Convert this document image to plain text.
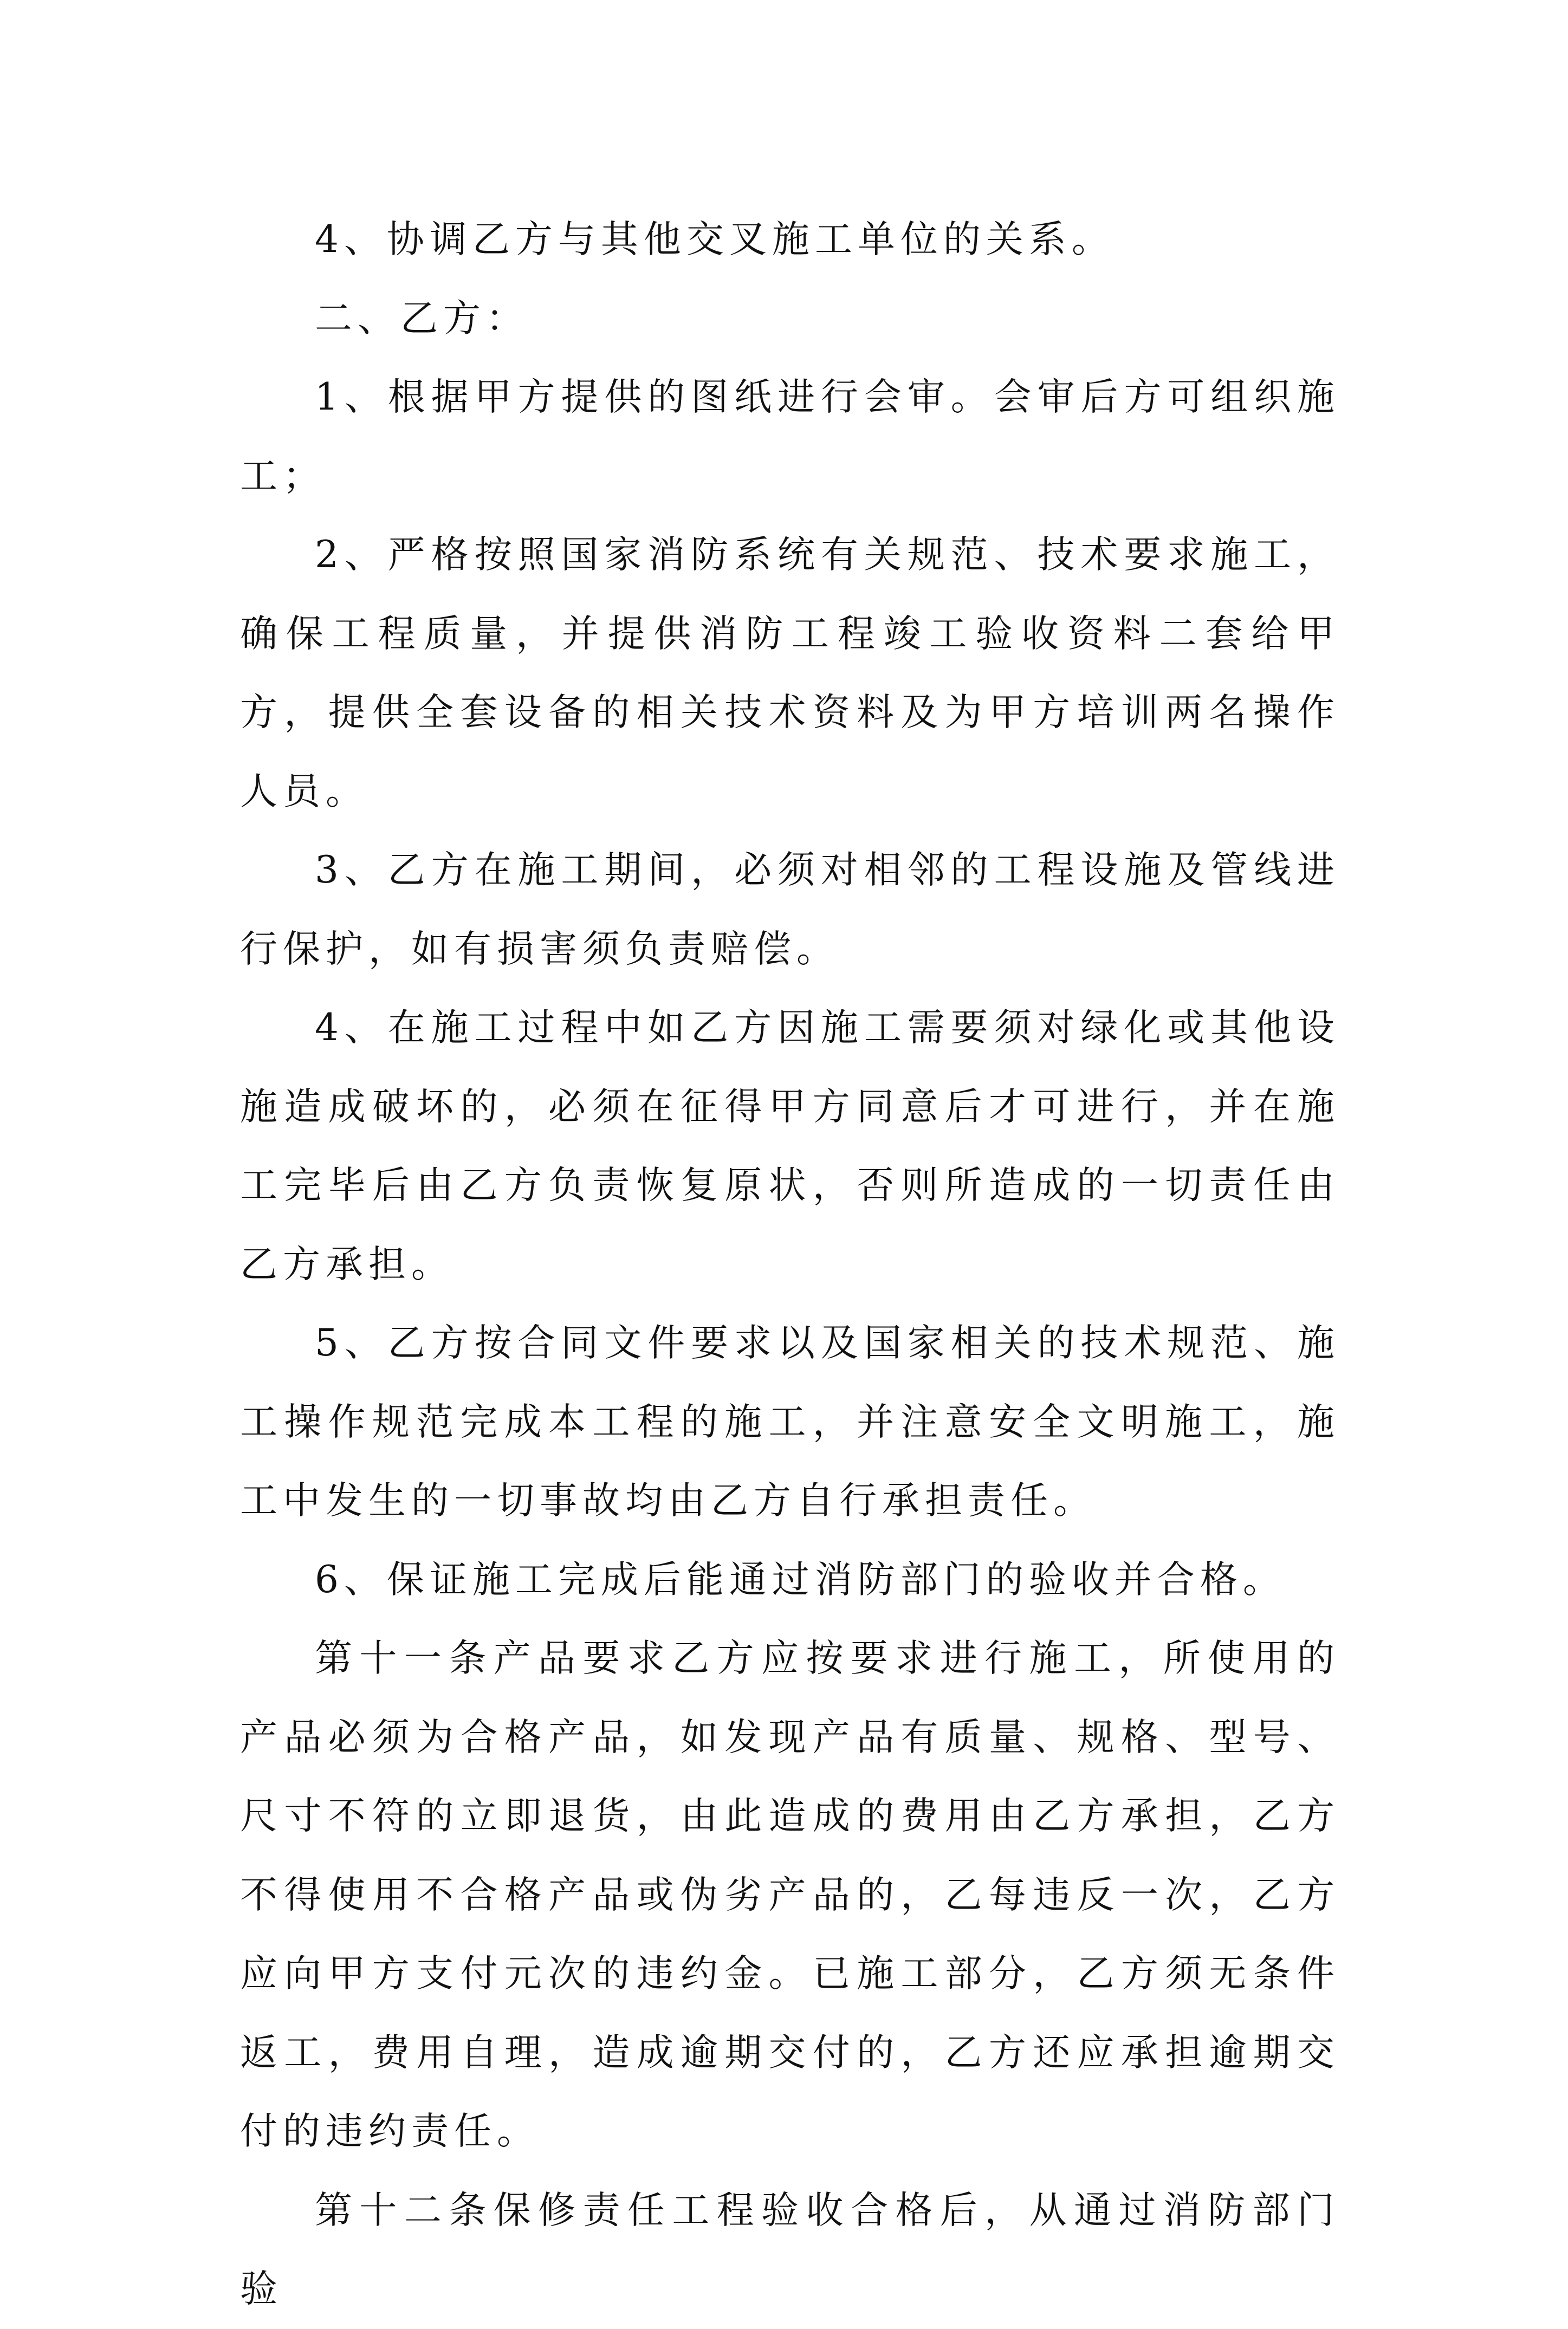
4、协调乙方与其他交叉施工单位的关系。

二、乙方：

1、根据甲方提供的图纸进行会审。会审后方可组织施工；

2、严格按照国家消防系统有关规范、技术要求施工，确保工程质量，并提供消防工程竣工验收资料二套给甲方，提供全套设备的相关技术资料及为甲方培训两名操作人员。

3、乙方在施工期间，必须对相邻的工程设施及管线进行保护，如有损害须负责赔偿。

4、在施工过程中如乙方因施工需要须对绿化或其他设施造成破坏的，必须在征得甲方同意后才可进行，并在施工完毕后由乙方负责恢复原状，否则所造成的一切责任由乙方承担。

5、乙方按合同文件要求以及国家相关的技术规范、施工操作规范完成本工程的施工，并注意安全文明施工，施工中发生的一切事故均由乙方自行承担责任。

6、保证施工完成后能通过消防部门的验收并合格。

第十一条产品要求乙方应按要求进行施工，所使用的产品必须为合格产品，如发现产品有质量、规格、型号、尺寸不符的立即退货，由此造成的费用由乙方承担，乙方不得使用不合格产品或伪劣产品的，乙每违反一次，乙方应向甲方支付元次的违约金。已施工部分，乙方须无条件返工，费用自理，造成逾期交付的，乙方还应承担逾期交付的违约责任。

第十二条保修责任工程验收合格后，从通过消防部门验
